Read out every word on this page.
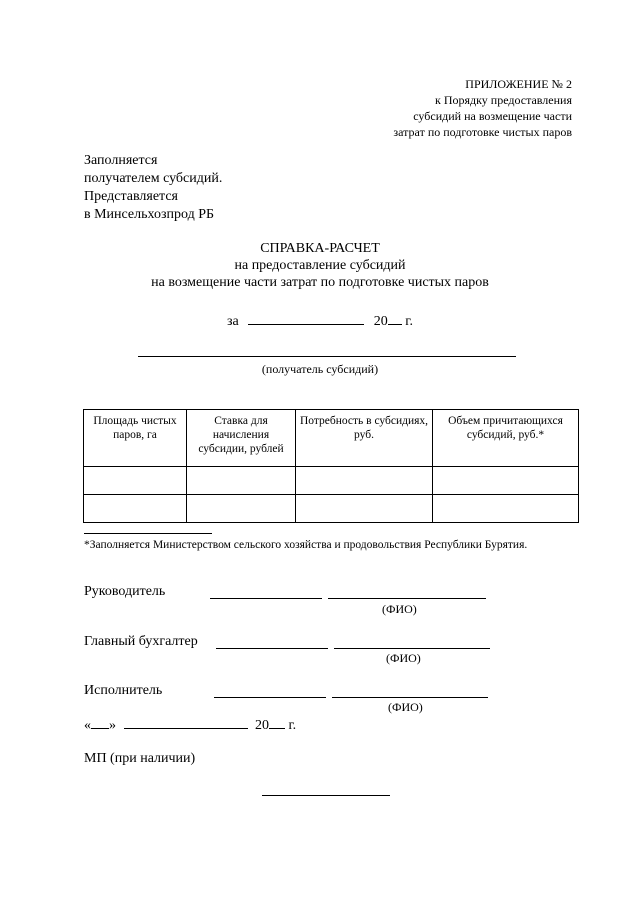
ПРИЛОЖЕНИЕ № 2
к Порядку предоставления
субсидий на возмещение части
затрат по подготовке чистых паров
Заполняется
получателем субсидий.
Представляется
в Минсельхозпрод РБ
СПРАВКА-РАСЧЕТ
на предоставление субсидий
на возмещение части затрат по подготовке чистых паров
за	20 г.
(получатель субсидий)
Площадь чистых паров, га	Ставка для начисления субсидии, рублей	Потребность в субсидиях, руб.	Объем причитающихся субсидий, руб.*

*Заполняется Министерством сельского хозяйства и продовольствия Республики Бурятия.
Руководитель
(ФИО)
Главный бухгалтер
(ФИО)
Исполнитель
(ФИО)
« »	20 г.
МП (при наличии)
